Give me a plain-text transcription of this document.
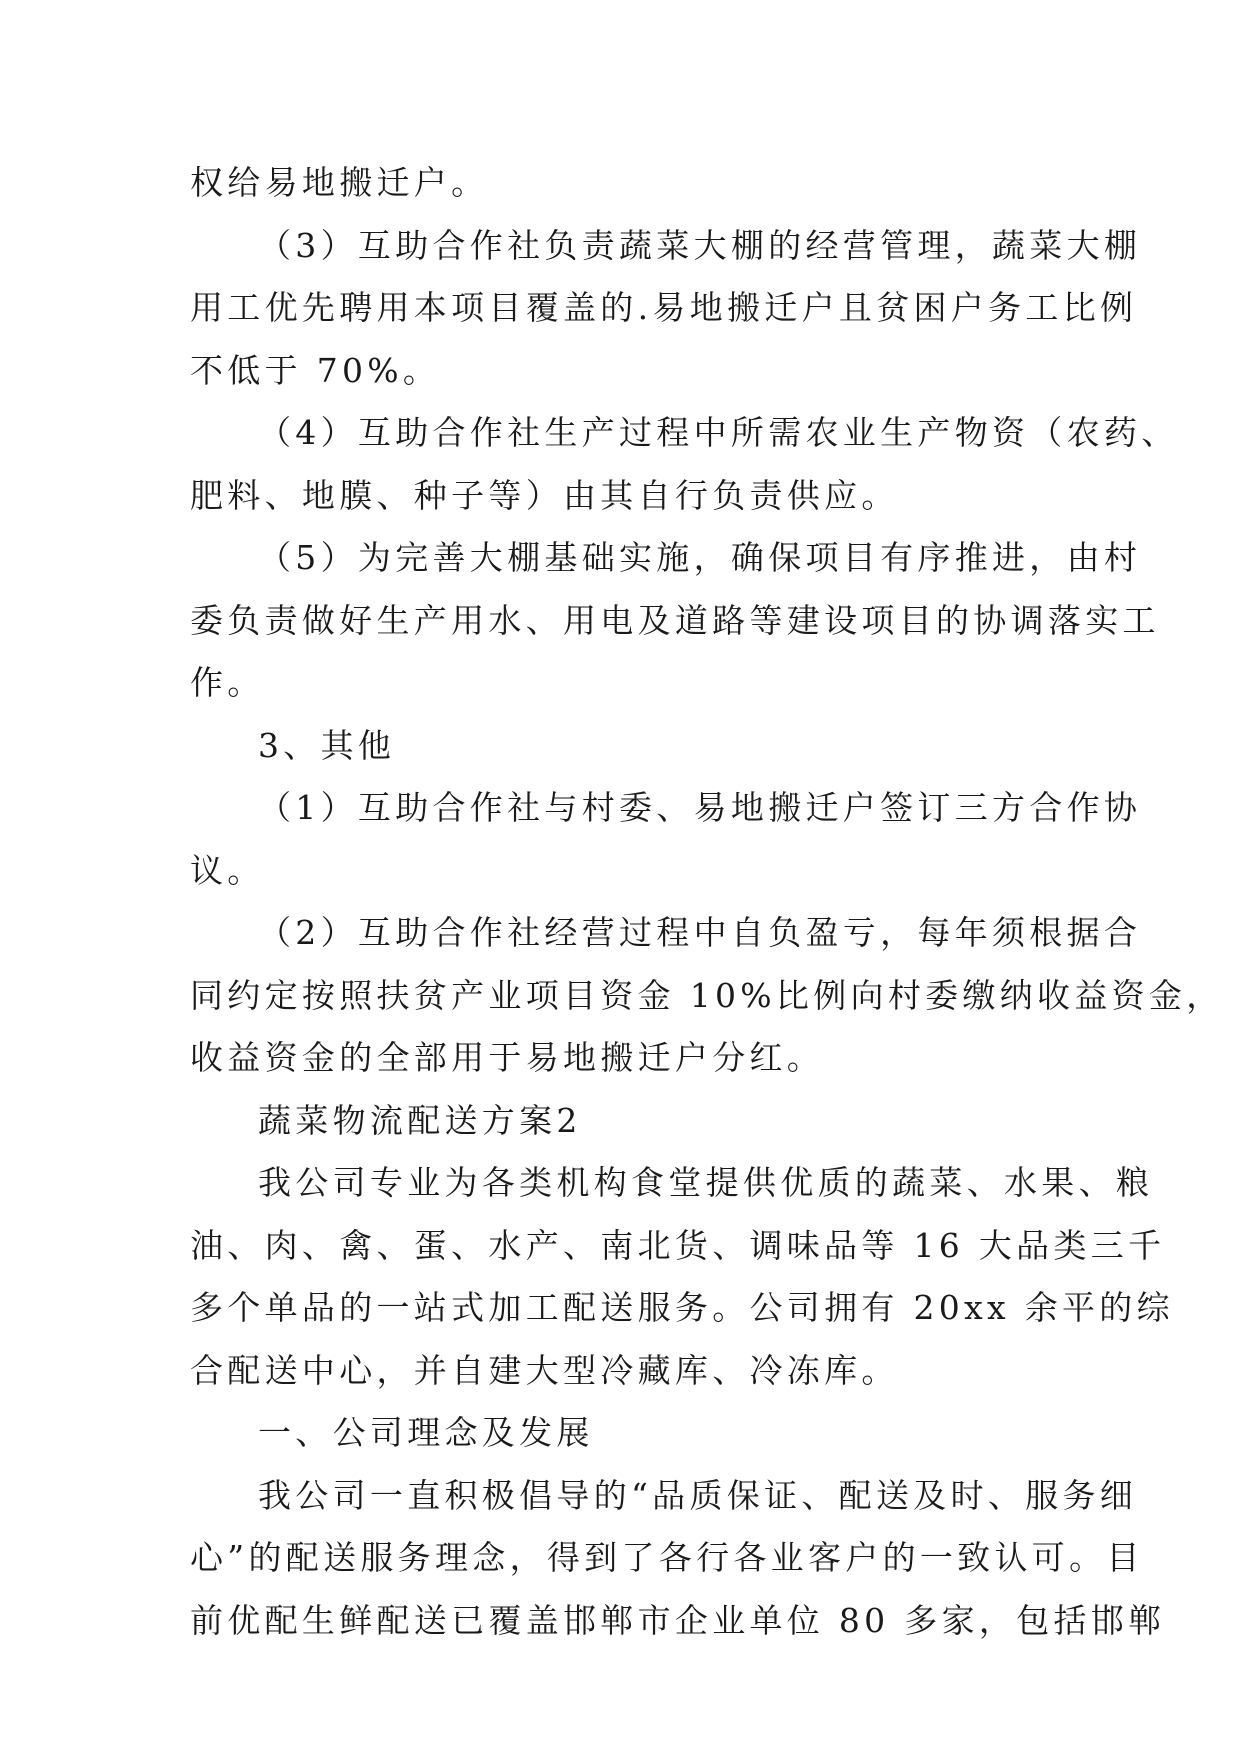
权给易地搬迁户。
（3）互助合作社负责蔬菜大棚的经营管理，蔬菜大棚
用工优先聘用本项目覆盖的.易地搬迁户且贫困户务工比例
不低于 70%。
（4）互助合作社生产过程中所需农业生产物资（农药、
肥料、地膜、种子等）由其自行负责供应。
（5）为完善大棚基础实施，确保项目有序推进，由村
委负责做好生产用水、用电及道路等建设项目的协调落实工
作。
3、其他
（1）互助合作社与村委、易地搬迁户签订三方合作协
议。
（2）互助合作社经营过程中自负盈亏，每年须根据合
同约定按照扶贫产业项目资金 10%比例向村委缴纳收益资金，
收益资金的全部用于易地搬迁户分红。
蔬菜物流配送方案2
我公司专业为各类机构食堂提供优质的蔬菜、水果、粮
油、肉、禽、蛋、水产、南北货、调味品等 16 大品类三千
多个单品的一站式加工配送服务。公司拥有 20xx 余平的综
合配送中心，并自建大型冷藏库、冷冻库。
一、公司理念及发展
我公司一直积极倡导的“品质保证、配送及时、服务细
心”的配送服务理念，得到了各行各业客户的一致认可。目
前优配生鲜配送已覆盖邯郸市企业单位 80 多家，包括邯郸
